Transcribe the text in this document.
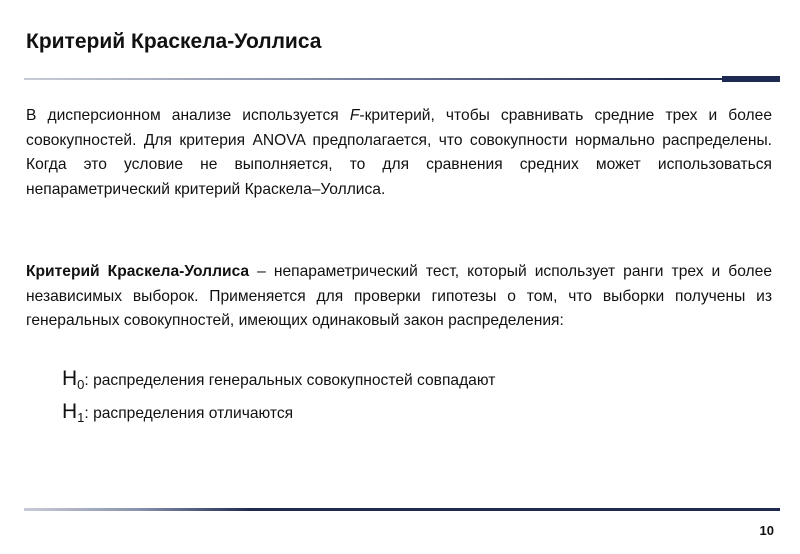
Критерий Краскела-Уоллиса

В дисперсионном анализе используется F-критерий, чтобы сравнивать средние трех и более совокупностей. Для критерия ANOVA предполагается, что совокупности нормально распределены. Когда это условие не выполняется, то для сравнения средних может использоваться непараметрический критерий Краскела–Уоллиса.

Критерий Краскела-Уоллиса – непараметрический тест, который использует ранги трех и более независимых выборок. Применяется для проверки гипотезы о том, что выборки получены из генеральных совокупностей, имеющих одинаковый закон распределения:

$H_0$: распределения генеральных совокупностей совпадают

$H_1$: распределения отличаются

10
